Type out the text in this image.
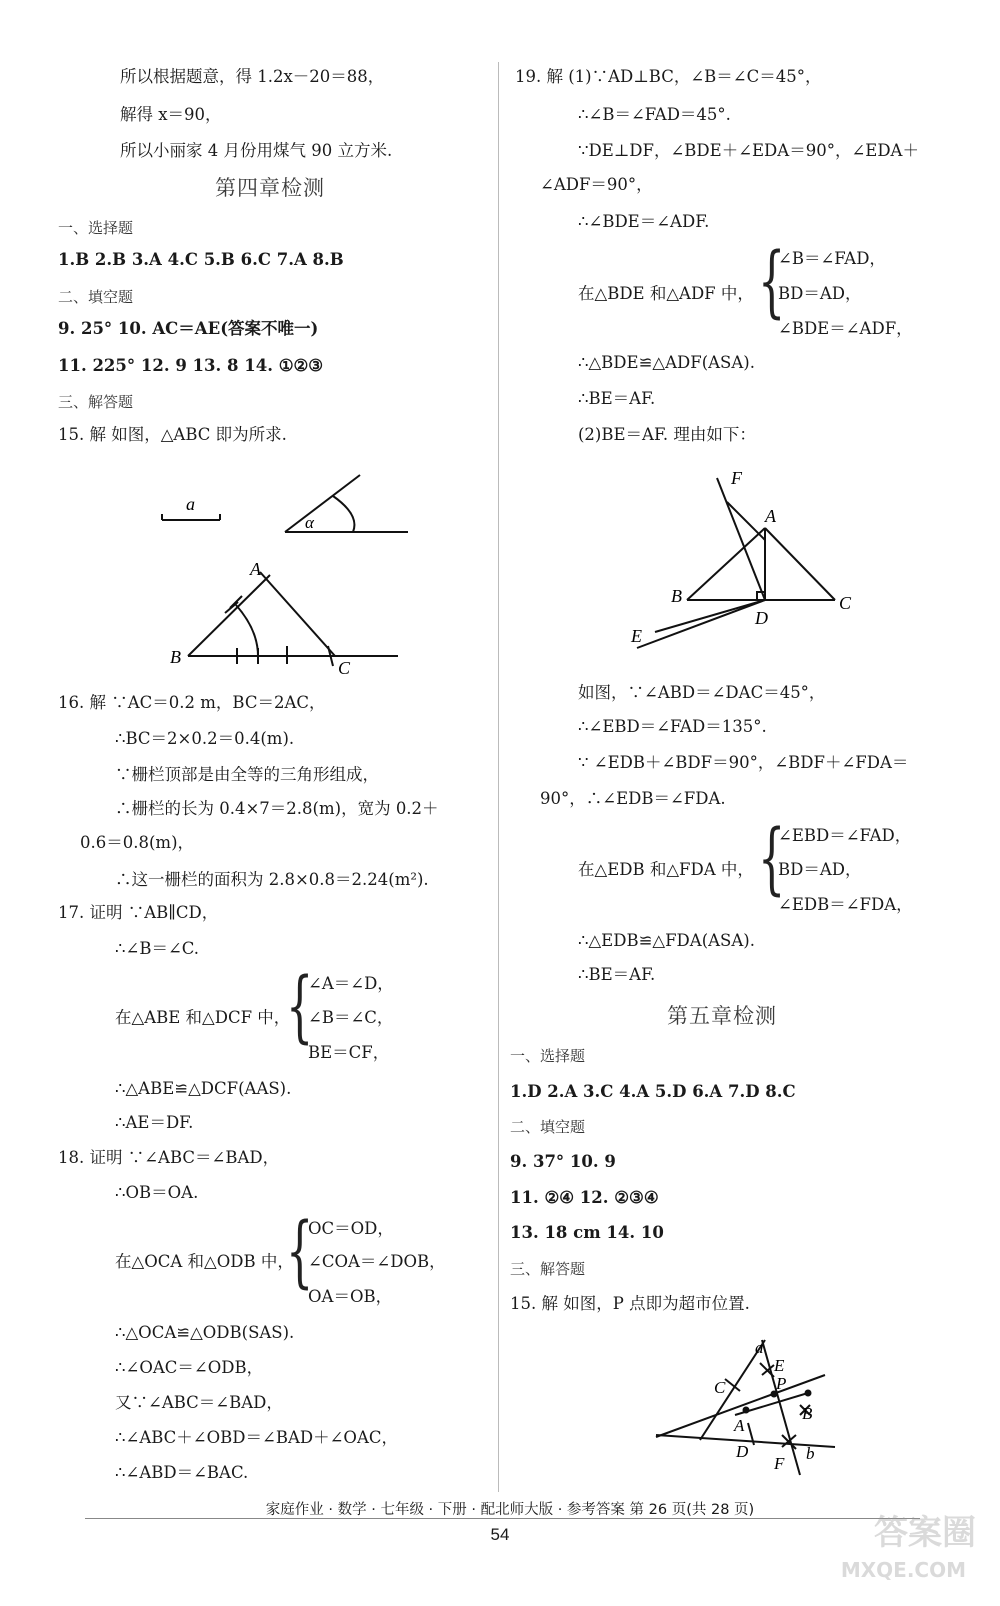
所以根据题意，得 1.2x－20＝88，
解得 x＝90，
所以小丽家 4 月份用煤气 90 立方米.
第四章检测
一、选择题
1.B 2.B 3.A 4.C 5.B 6.C 7.A 8.B
二、填空题
9. 25° 10. AC＝AE(答案不唯一)
11. 225° 12. 9 13. 8 14. ①②③
三、解答题
15. 解 如图，△ABC 即为所求.
a
α
A
B
C
16. 解 ∵AC＝0.2 m，BC＝2AC，
∴BC＝2×0.2＝0.4(m).
∵栅栏顶部是由全等的三角形组成，
∴栅栏的长为 0.4×7＝2.8(m)，宽为 0.2＋
0.6＝0.8(m)，
∴这一栅栏的面积为 2.8×0.8＝2.24(m²).
17. 证明 ∵AB∥CD，
∴∠B＝∠C.
在△ABE 和△DCF 中，
{
∠A＝∠D，
∠B＝∠C，
BE＝CF，
∴△ABE≌△DCF(AAS).
∴AE＝DF.
18. 证明 ∵∠ABC＝∠BAD，
∴OB＝OA.
{
OC＝OD，
在△OCA 和△ODB 中， ∠COA＝∠DOB，
OA＝OB，
∴△OCA≌△ODB(SAS).
∴∠OAC＝∠ODB，
又∵∠ABC＝∠BAD，
∴∠ABC＋∠OBD＝∠BAD＋∠OAC，
∴∠ABD＝∠BAC.
19. 解 (1)∵AD⊥BC，∠B＝∠C＝45°，
∴∠B＝∠FAD＝45°.
∵DE⊥DF，∠BDE＋∠EDA＝90°，∠EDA＋
∠ADF＝90°，
∴∠BDE＝∠ADF.
{
∠B＝∠FAD，
在△BDE 和△ADF 中， BD＝AD，
∠BDE＝∠ADF，
∴△BDE≌△ADF(ASA).
∴BE＝AF.
(2)BE＝AF. 理由如下：
F
A
B
D
C
E
如图，∵∠ABD＝∠DAC＝45°，
∴∠EBD＝∠FAD＝135°.
∵ ∠EDB＋∠BDF＝90°，∠BDF＋∠FDA＝
90°，∴∠EDB＝∠FDA.
{
∠EBD＝∠FAD，
在△EDB 和△FDA 中， BD＝AD，
∠EDB＝∠FDA，
∴△EDB≌△FDA(ASA).
∴BE＝AF.
第五章检测
一、选择题
1.D 2.A 3.C 4.A 5.D 6.A 7.D 8.C
二、填空题
9. 37° 10. 9
11. ②④ 12. ②③④
13. 18 cm 14. 10
三、解答题
15. 解 如图，P 点即为超市位置.
a
E
C	P
B
A
D
F
b
家庭作业 · 数学 · 七年级 · 下册 · 配北师大版 · 参考答案 第 26 页(共 28 页)
54	答案圈
MXQE.COM
